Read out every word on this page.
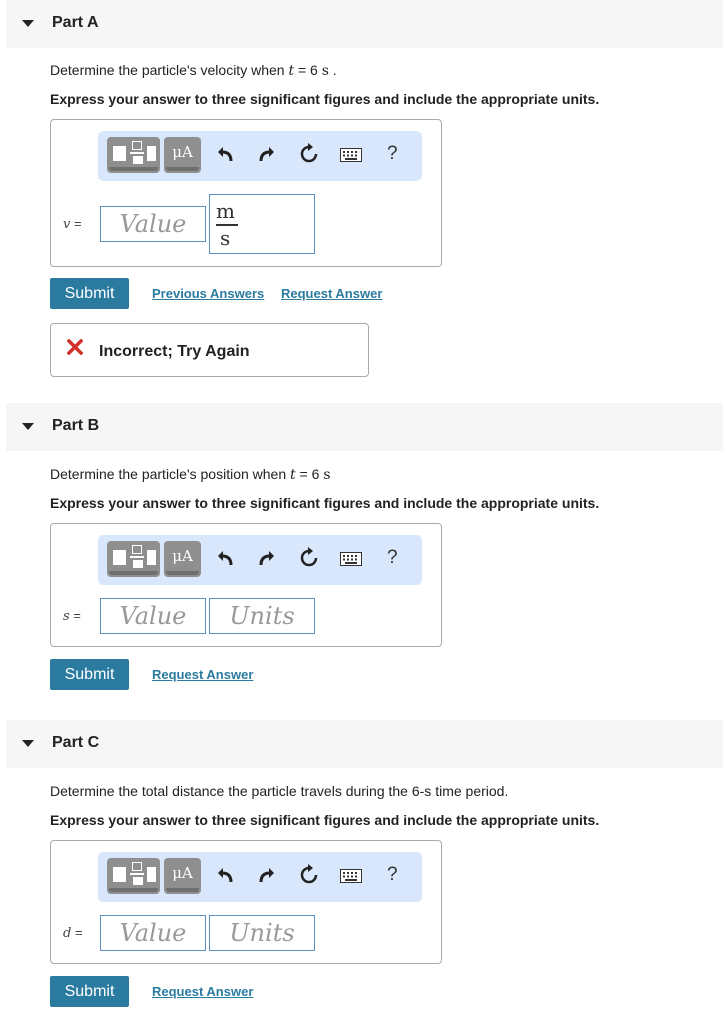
Part A
Determine the particle's velocity when t = 6 s .
Express your answer to three significant figures and include the appropriate units.
μA	?
v =
Value
m
s
Submit	Previous Answers Request Answer
Incorrect; Try Again
Part B
Determine the particle's position when t = 6 s
Express your answer to three significant figures and include the appropriate units.
μA	?
s =
Value
Units
Submit	Request Answer
Part C
Determine the total distance the particle travels during the 6-s time period.
Express your answer to three significant figures and include the appropriate units.
μA	?
d =
Value
Units
Submit	Request Answer
